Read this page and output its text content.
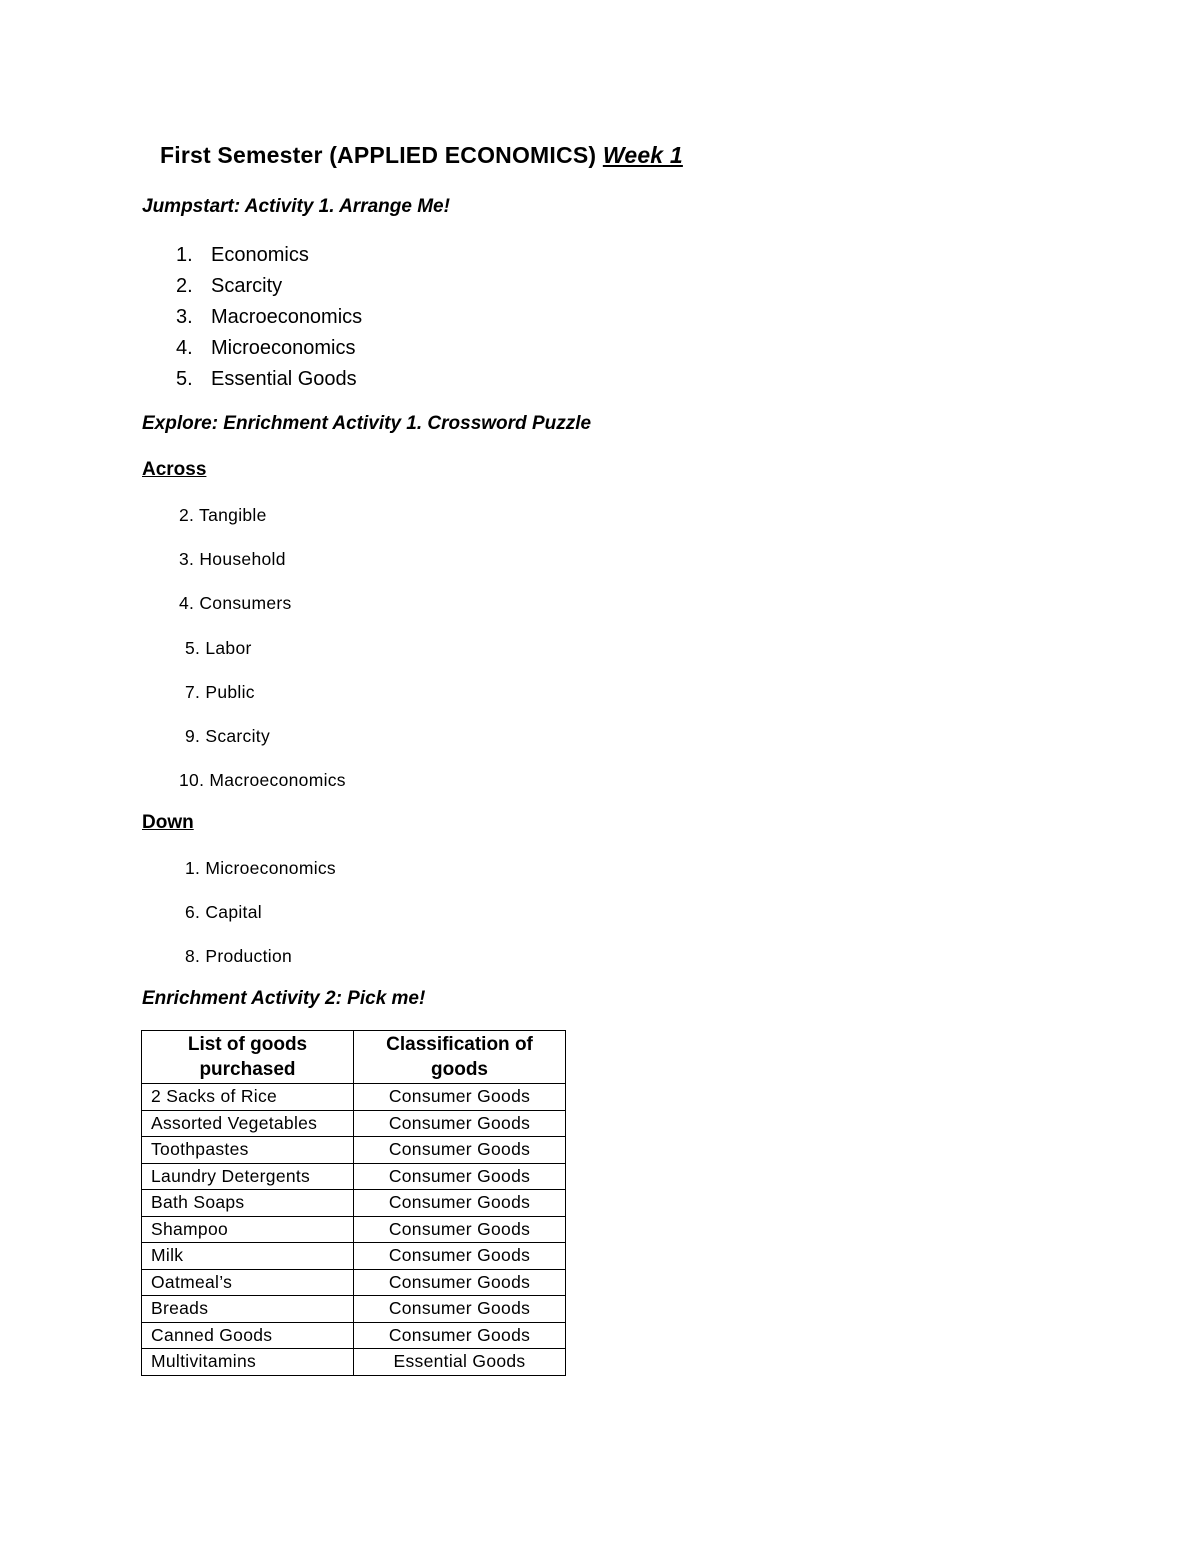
First Semester (APPLIED ECONOMICS) Week 1
Jumpstart: Activity 1. Arrange Me!
1. Economics
2. Scarcity
3. Macroeconomics
4. Microeconomics
5. Essential Goods
Explore: Enrichment Activity 1. Crossword Puzzle
Across
2. Tangible
3. Household
4. Consumers
5. Labor
7. Public
9. Scarcity
10. Macroeconomics
Down
1. Microeconomics
6. Capital
8. Production
Enrichment Activity 2: Pick me!
List of goods purchased	Classification of goods
2 Sacks of Rice	Consumer Goods
Assorted Vegetables	Consumer Goods
Toothpastes	Consumer Goods
Laundry Detergents	Consumer Goods
Bath Soaps	Consumer Goods
Shampoo	Consumer Goods
Milk	Consumer Goods
Oatmeal’s	Consumer Goods
Breads	Consumer Goods
Canned Goods	Consumer Goods
Multivitamins	Essential Goods
